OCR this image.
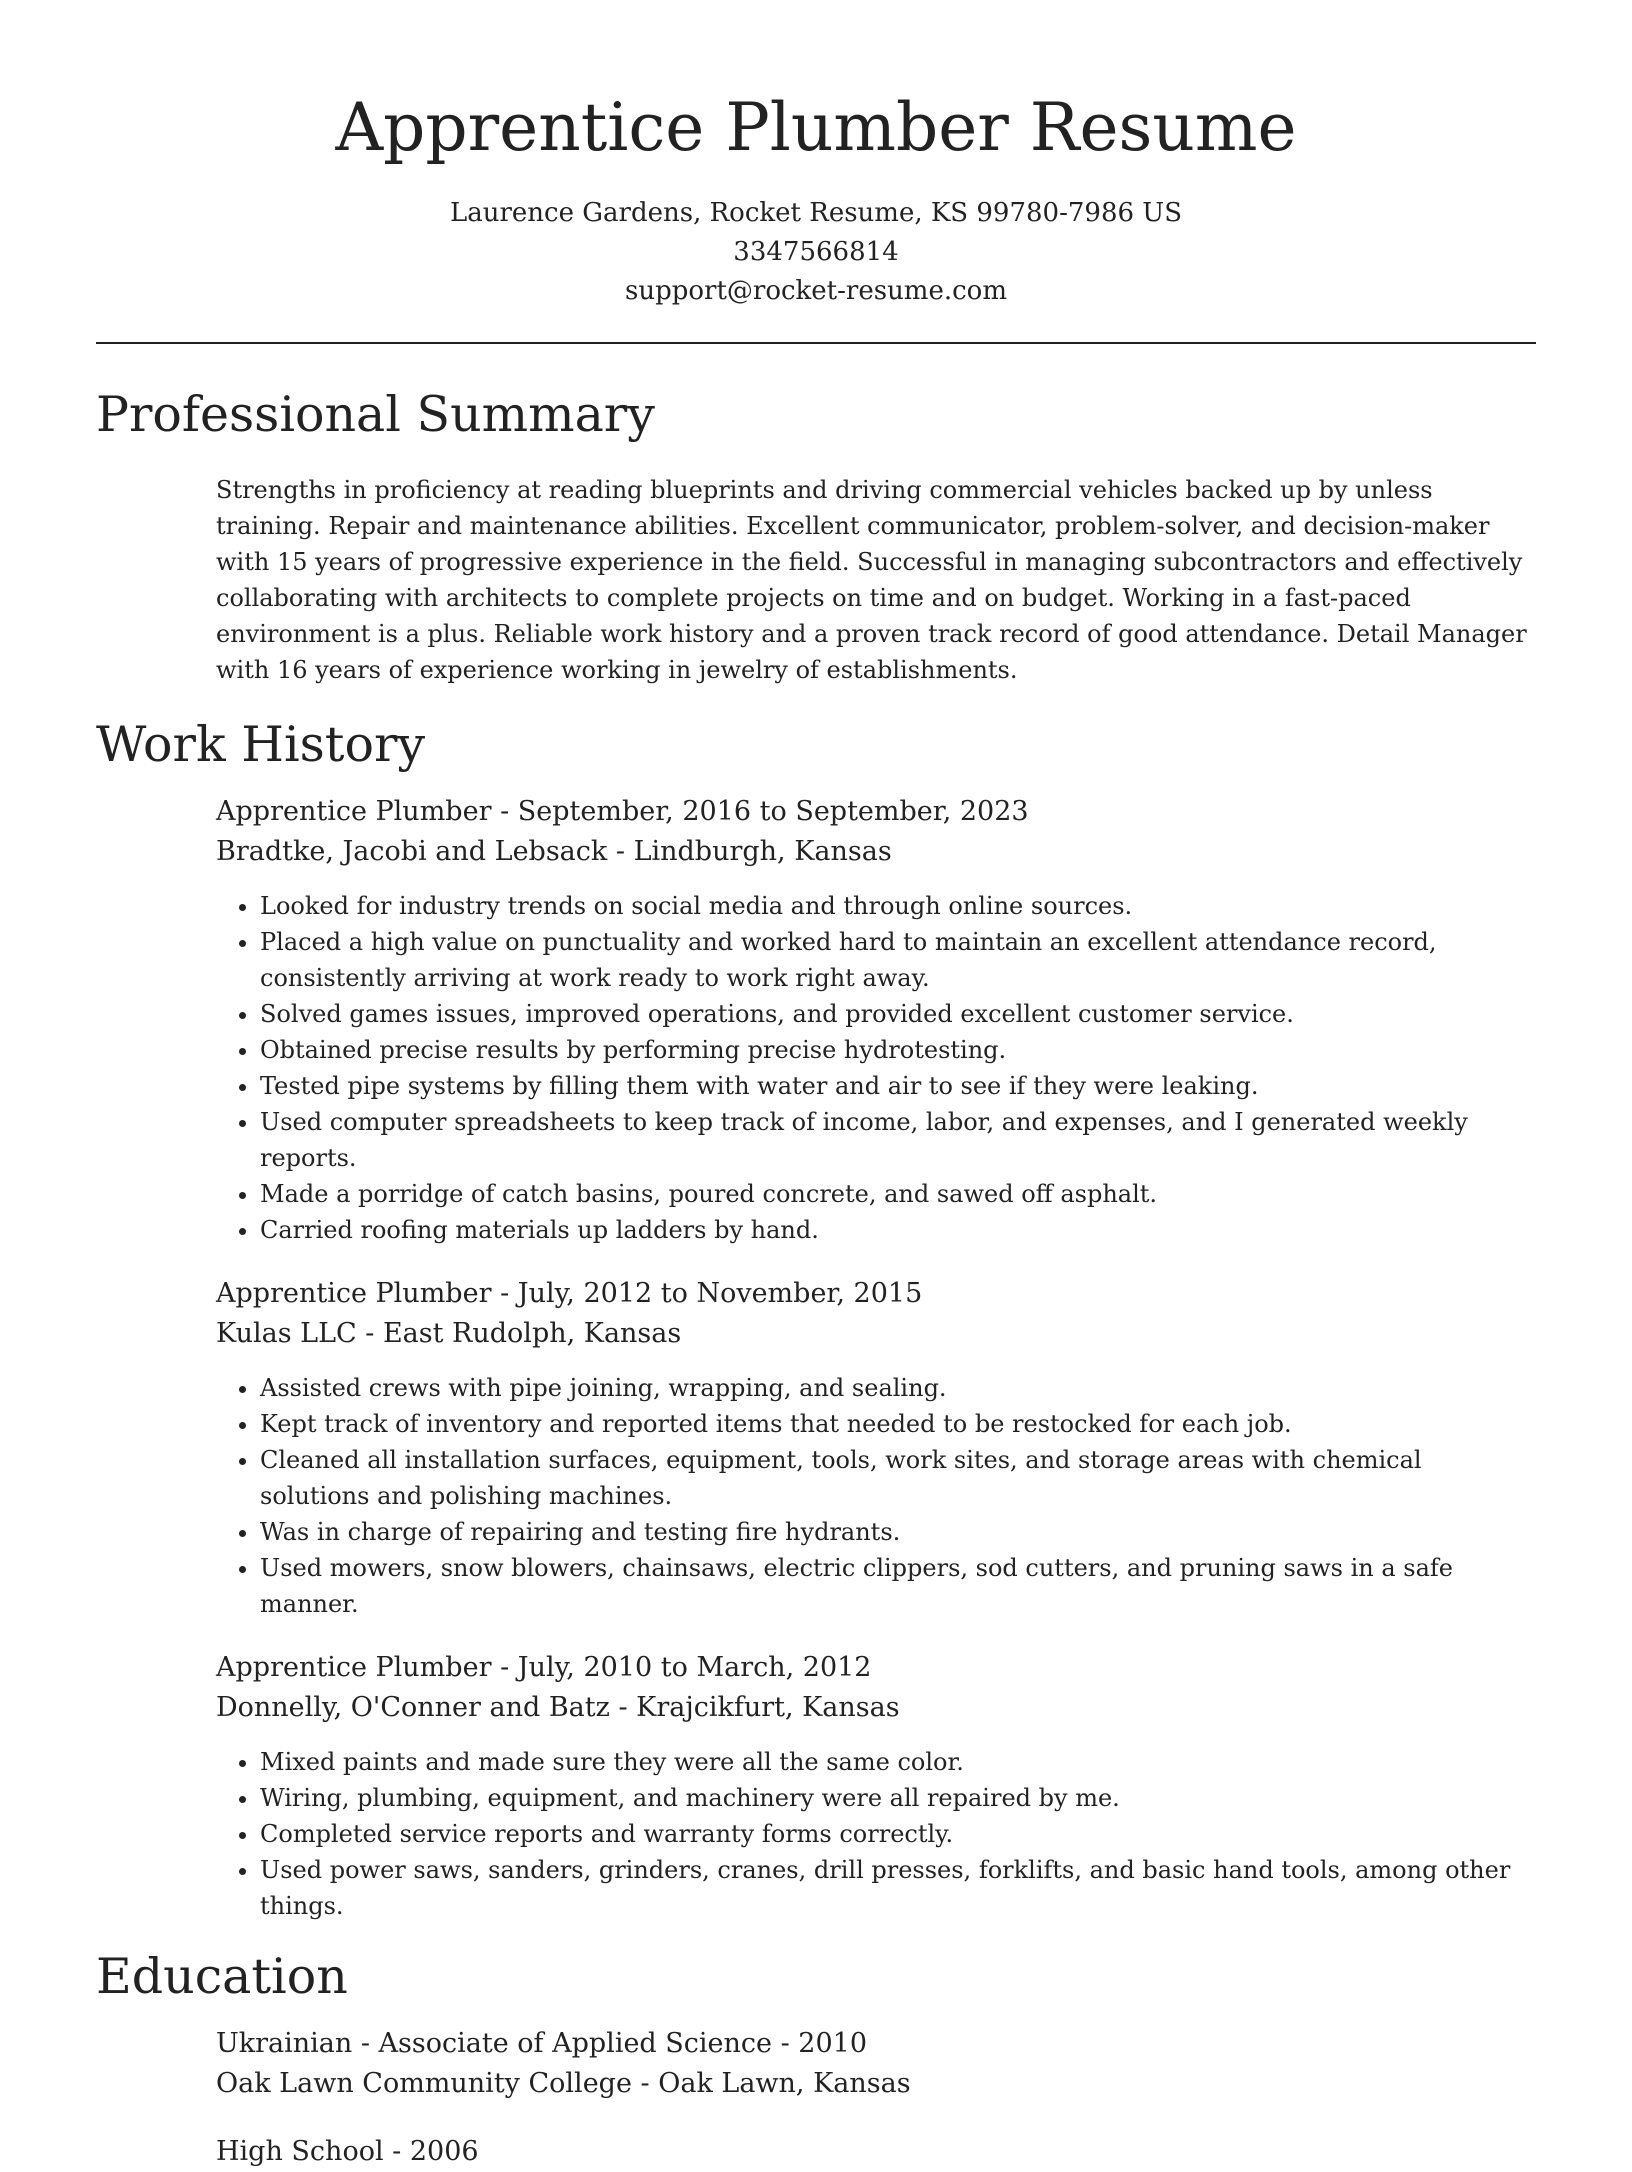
Apprentice Plumber Resume
Laurence Gardens, Rocket Resume, KS 99780-7986 US
3347566814
support@rocket-resume.com
Professional Summary

Strengths in proficiency at reading blueprints and driving commercial vehicles backed up by unless training. Repair and maintenance abilities. Excellent communicator, problem-solver, and decision-maker with 15 years of progressive experience in the field. Successful in managing subcontractors and effectively collaborating with architects to complete projects on time and on budget. Working in a fast-paced environment is a plus. Reliable work history and a proven track record of good attendance. Detail Manager with 16 years of experience working in jewelry of establishments.

Work History
Apprentice Plumber - September, 2016 to September, 2023
Bradtke, Jacobi and Lebsack - Lindburgh, Kansas
• Looked for industry trends on social media and through online sources.
• Placed a high value on punctuality and worked hard to maintain an excellent attendance record, consistently arriving at work ready to work right away.
• Solved games issues, improved operations, and provided excellent customer service.
• Obtained precise results by performing precise hydrotesting.
• Tested pipe systems by filling them with water and air to see if they were leaking.
• Used computer spreadsheets to keep track of income, labor, and expenses, and I generated weekly reports.
• Made a porridge of catch basins, poured concrete, and sawed off asphalt.
• Carried roofing materials up ladders by hand.
Apprentice Plumber - July, 2012 to November, 2015
Kulas LLC - East Rudolph, Kansas
• Assisted crews with pipe joining, wrapping, and sealing.
• Kept track of inventory and reported items that needed to be restocked for each job.
• Cleaned all installation surfaces, equipment, tools, work sites, and storage areas with chemical solutions and polishing machines.
• Was in charge of repairing and testing fire hydrants.
• Used mowers, snow blowers, chainsaws, electric clippers, sod cutters, and pruning saws in a safe manner.
Apprentice Plumber - July, 2010 to March, 2012
Donnelly, O'Conner and Batz - Krajcikfurt, Kansas
• Mixed paints and made sure they were all the same color.
• Wiring, plumbing, equipment, and machinery were all repaired by me.
• Completed service reports and warranty forms correctly.
• Used power saws, sanders, grinders, cranes, drill presses, forklifts, and basic hand tools, among other things.
Education
Ukrainian - Associate of Applied Science - 2010
Oak Lawn Community College - Oak Lawn, Kansas
High School - 2006
